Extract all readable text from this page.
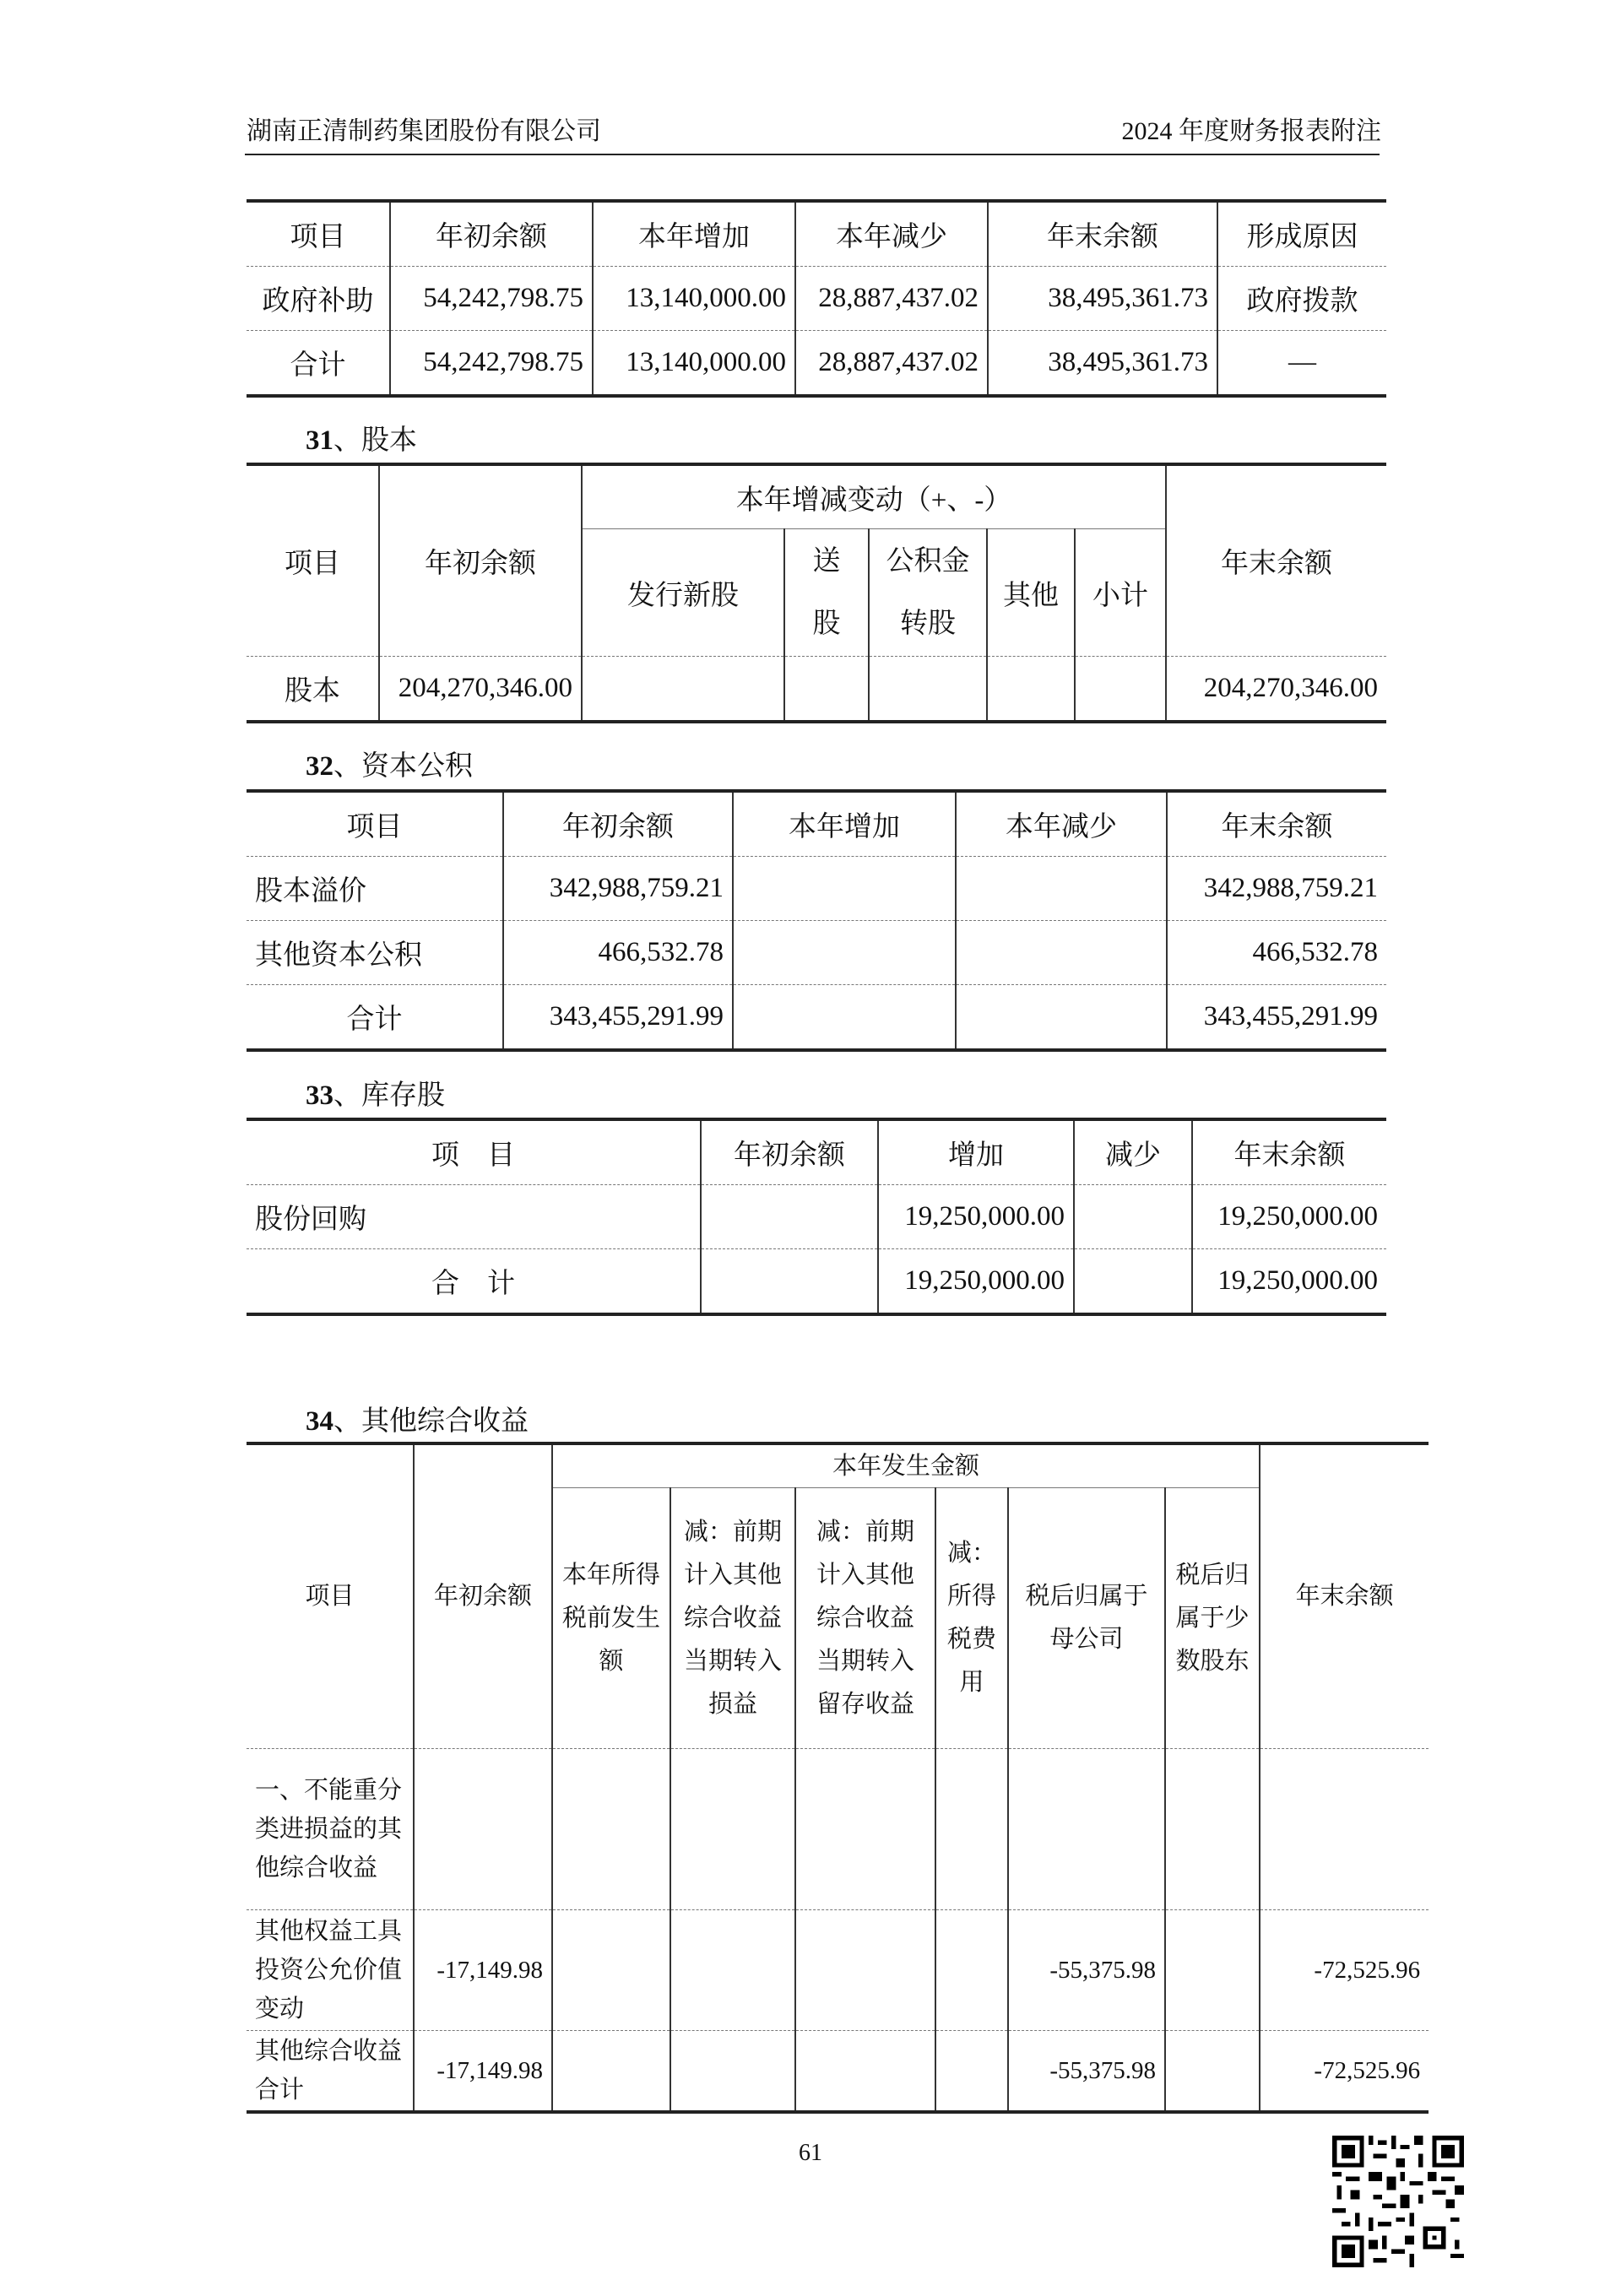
湖南正清制药集团股份有限公司	2024 年度财务报表附注
项目	年初余额	本年增加	本年减少	年末余额	形成原因
政府补助	54,242,798.75	13,140,000.00	28,887,437.02	38,495,361.73	政府拨款
合计	54,242,798.75	13,140,000.00	28,887,437.02	38,495,361.73	—
31、股本
项目	年初余额	本年增减变动（+、-）					年末余额
		发行新股	送股	公积金转股	其他	小计	
股本	204,270,346.00						204,270,346.00
32、资本公积
项目	年初余额	本年增加	本年减少	年末余额
股本溢价	342,988,759.21			342,988,759.21
其他资本公积	466,532.78			466,532.78
合计	343,455,291.99			343,455,291.99
33、库存股
项　目	年初余额	增加	减少	年末余额
股份回购		19,250,000.00		19,250,000.00
合　计		19,250,000.00		19,250,000.00
34、其他综合收益
项目	年初余额	本年发生金额						年末余额
		本年所得税前发生额	减：前期计入其他综合收益当期转入损益	减：前期计入其他综合收益当期转入留存收益	减：所得税费用	税后归属于母公司	税后归属于少数股东	
一、不能重分类进损益的其他综合收益								
其他权益工具投资公允价值变动	-17,149.98					-55,375.98		-72,525.96
其他综合收益合计	-17,149.98					-55,375.98		-72,525.96
61
